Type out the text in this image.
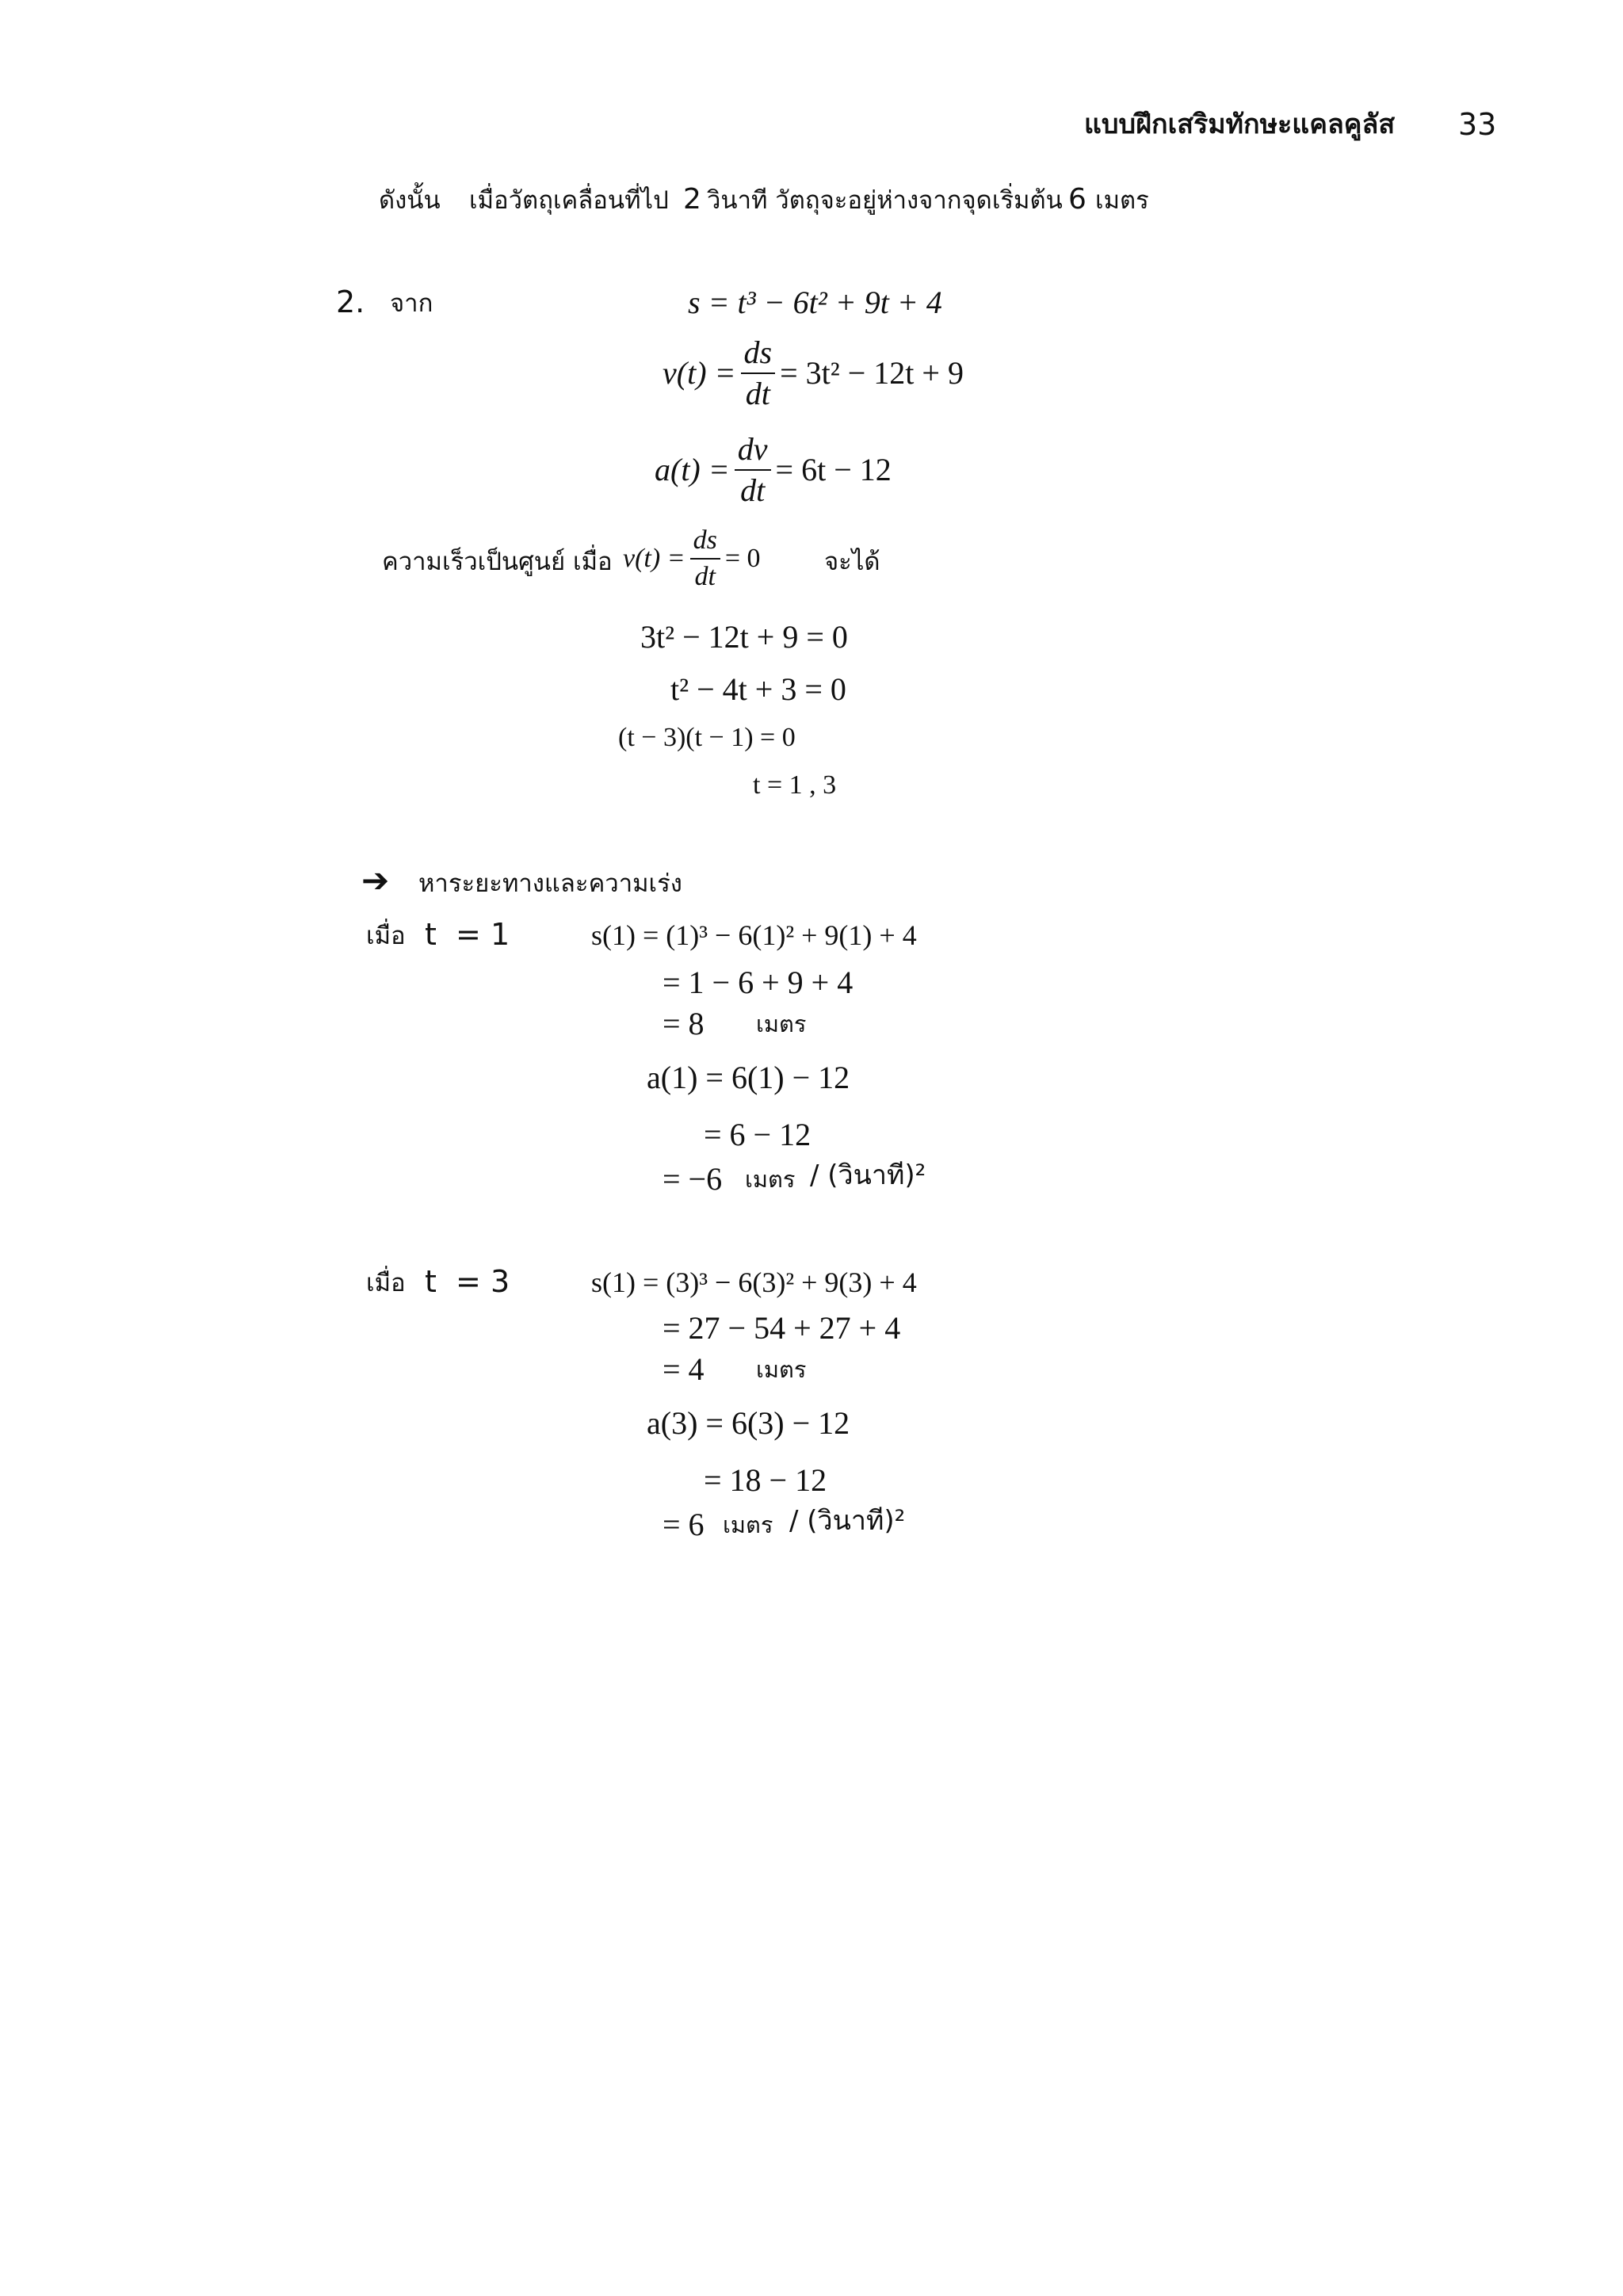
แบบฝึกเสริมทักษะแคลคูลัส 33
ดังนั้น เมื่อวัตถุเคลื่อนที่ไป 2 วินาที วัตถุจะอยู่ห่างจากจุดเริ่มต้น 6 เมตร
2. จาก	s = t³ − 6t² + 9t + 4
$v(t) = \frac{ds}{dt} = 3t^2 - 12t + 9$
$a(t) = \frac{dv}{dt} = 6t - 12$
ความเร็วเป็นศูนย์ เมื่อ $v(t) = \frac{ds}{dt} = 0$	จะได้
3t² − 12t + 9 = 0
t² − 4t + 3 = 0
(t − 3)(t − 1) = 0
t = 1 , 3
➔ หาระยะทางและความเร่ง
เมื่อ t  = 1	s(1) = (1)³ − 6(1)² + 9(1) + 4
= 1 − 6 + 9 + 4
= 8 เมตร
a(1) = 6(1) − 12
= 6 − 12
= −6 เมตร / (วินาที)²
เมื่อ t  = 3	s(1) = (3)³ − 6(3)² + 9(3) + 4
= 27 − 54 + 27 + 4
= 4 เมตร
a(3) = 6(3) − 12
= 18 − 12
= 6 เมตร / (วินาที)²
